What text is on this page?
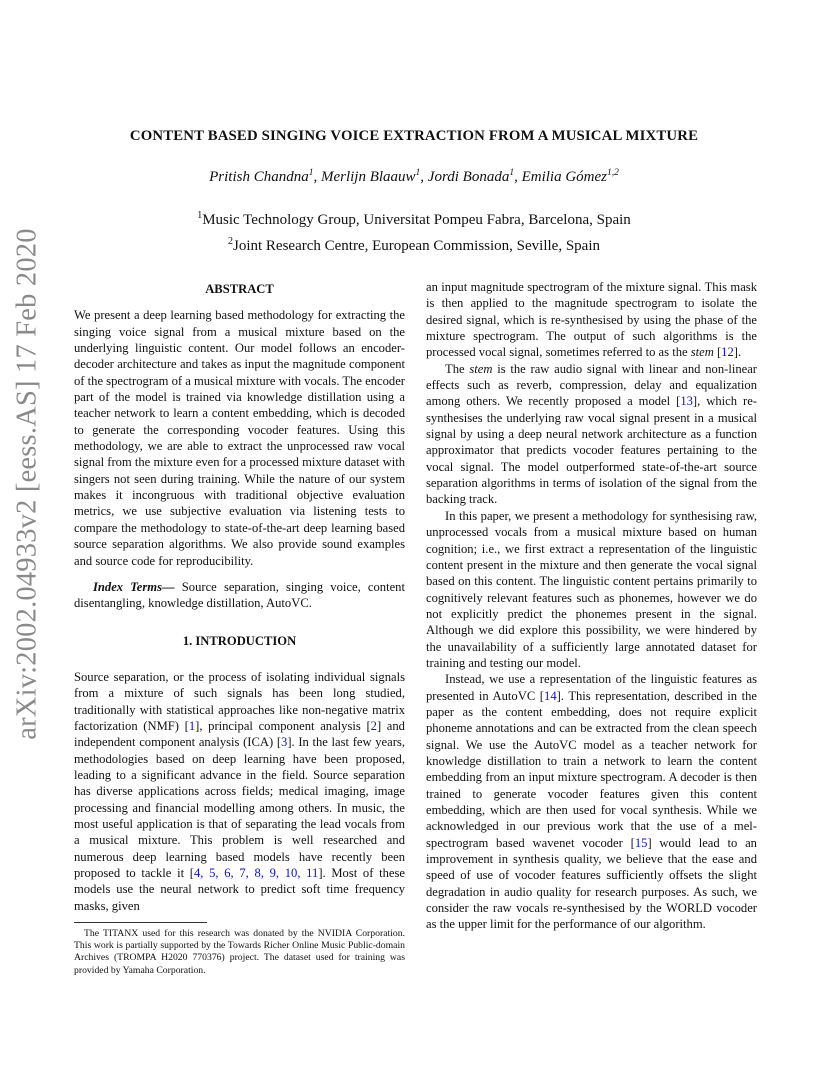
arXiv:2002.04933v2 [eess.AS] 17 Feb 2020
CONTENT BASED SINGING VOICE EXTRACTION FROM A MUSICAL MIXTURE
Pritish Chandna$^1$, Merlijn Blaauw$^1$, Jordi Bonada$^1$, Emilia Gómez$^{1,2}$
$^1$Music Technology Group, Universitat Pompeu Fabra, Barcelona, Spain
$^2$Joint Research Centre, European Commission, Seville, Spain
ABSTRACT

We present a deep learning based methodology for extracting the singing voice signal from a musical mixture based on the underlying linguistic content. Our model follows an encoder-decoder architecture and takes as input the magnitude component of the spectrogram of a musical mixture with vocals. The encoder part of the model is trained via knowledge distillation using a teacher network to learn a content embedding, which is decoded to generate the corresponding vocoder features. Using this methodology, we are able to extract the unprocessed raw vocal signal from the mixture even for a processed mixture dataset with singers not seen during training. While the nature of our system makes it incongruous with traditional objective evaluation metrics, we use subjective evaluation via listening tests to compare the methodology to state-of-the-art deep learning based source separation algorithms. We also provide sound examples and source code for reproducibility.

Index Terms— Source separation, singing voice, content disentangling, knowledge distillation, AutoVC.

1. INTRODUCTION

Source separation, or the process of isolating individual signals from a mixture of such signals has been long studied, traditionally with statistical approaches like non-negative matrix factorization (NMF) [1], principal component analysis [2] and independent component analysis (ICA) [3]. In the last few years, methodologies based on deep learning have been proposed, leading to a significant advance in the field. Source separation has diverse applications across fields; medical imaging, image processing and financial modelling among others. In music, the most useful application is that of separating the lead vocals from a musical mixture. This problem is well researched and numerous deep learning based models have recently been proposed to tackle it [4, 5, 6, 7, 8, 9, 10, 11]. Most of these models use the neural network to predict soft time frequency masks, given

The TITANX used for this research was donated by the NVIDIA Corporation. This work is partially supported by the Towards Richer Online Music Public-domain Archives (TROMPA H2020 770376) project. The dataset used for training was provided by Yamaha Corporation.

an input magnitude spectrogram of the mixture signal. This mask is then applied to the magnitude spectrogram to isolate the desired signal, which is re-synthesised by using the phase of the mixture spectrogram. The output of such algorithms is the processed vocal signal, sometimes referred to as the stem [12].

The stem is the raw audio signal with linear and non-linear effects such as reverb, compression, delay and equalization among others. We recently proposed a model [13], which re-synthesises the underlying raw vocal signal present in a musical signal by using a deep neural network architecture as a function approximator that predicts vocoder features pertaining to the vocal signal. The model outperformed state-of-the-art source separation algorithms in terms of isolation of the signal from the backing track.

In this paper, we present a methodology for synthesising raw, unprocessed vocals from a musical mixture based on human cognition; i.e., we first extract a representation of the linguistic content present in the mixture and then generate the vocal signal based on this content. The linguistic content pertains primarily to cognitively relevant features such as phonemes, however we do not explicitly predict the phonemes present in the signal. Although we did explore this possibility, we were hindered by the unavailability of a sufficiently large annotated dataset for training and testing our model.

Instead, we use a representation of the linguistic features as presented in AutoVC [14]. This representation, described in the paper as the content embedding, does not require explicit phoneme annotations and can be extracted from the clean speech signal. We use the AutoVC model as a teacher network for knowledge distillation to train a network to learn the content embedding from an input mixture spectrogram. A decoder is then trained to generate vocoder features given this content embedding, which are then used for vocal synthesis. While we acknowledged in our previous work that the use of a mel-spectrogram based wavenet vocoder [15] would lead to an improvement in synthesis quality, we believe that the ease and speed of use of vocoder features sufficiently offsets the slight degradation in audio quality for research purposes. As such, we consider the raw vocals re-synthesised by the WORLD vocoder as the upper limit for the performance of our algorithm.
